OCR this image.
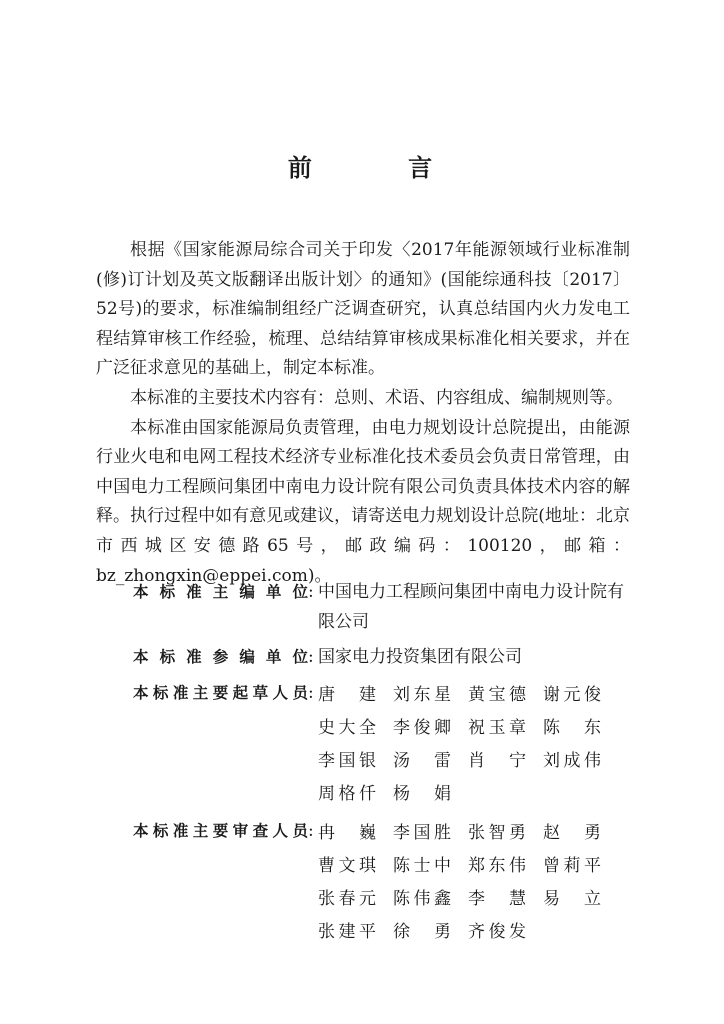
前 言

根据《国家能源局综合司关于印发〈2017年能源领域行业标准制(修)订计划及英文版翻译出版计划〉的通知》(国能综通科技〔2017〕52号)的要求，标准编制组经广泛调查研究，认真总结国内火力发电工程结算审核工作经验，梳理、总结结算审核成果标准化相关要求，并在广泛征求意见的基础上，制定本标准。

本标准的主要技术内容有：总则、术语、内容组成、编制规则等。

本标准由国家能源局负责管理，由电力规划设计总院提出，由能源行业火电和电网工程技术经济专业标准化技术委员会负责日常管理，由中国电力工程顾问集团中南电力设计院有限公司负责具体技术内容的解释。执行过程中如有意见或建议，请寄送电力规划设计总院(地址：北京市西城区安德路65号，邮政编码：100120，邮箱：bz_zhongxin@eppei.com)。

本标准主编单位 : 中国电力工程顾问集团中南电力设计院有限公司
本标准参编单位 : 国家电力投资集团有限公司
本标准主要起草人员 : 唐 建 刘东星 黄宝德 谢元俊
史大全 李俊卿 祝玉章 陈 东
李国银 汤 雷 肖 宁 刘成伟
周格仟 杨 娟
本标准主要审查人员 : 冉 巍 李国胜 张智勇 赵 勇
曹文琪 陈士中 郑东伟 曾莉平
张春元 陈伟鑫 李 慧 易 立
张建平 徐 勇 齐俊发
